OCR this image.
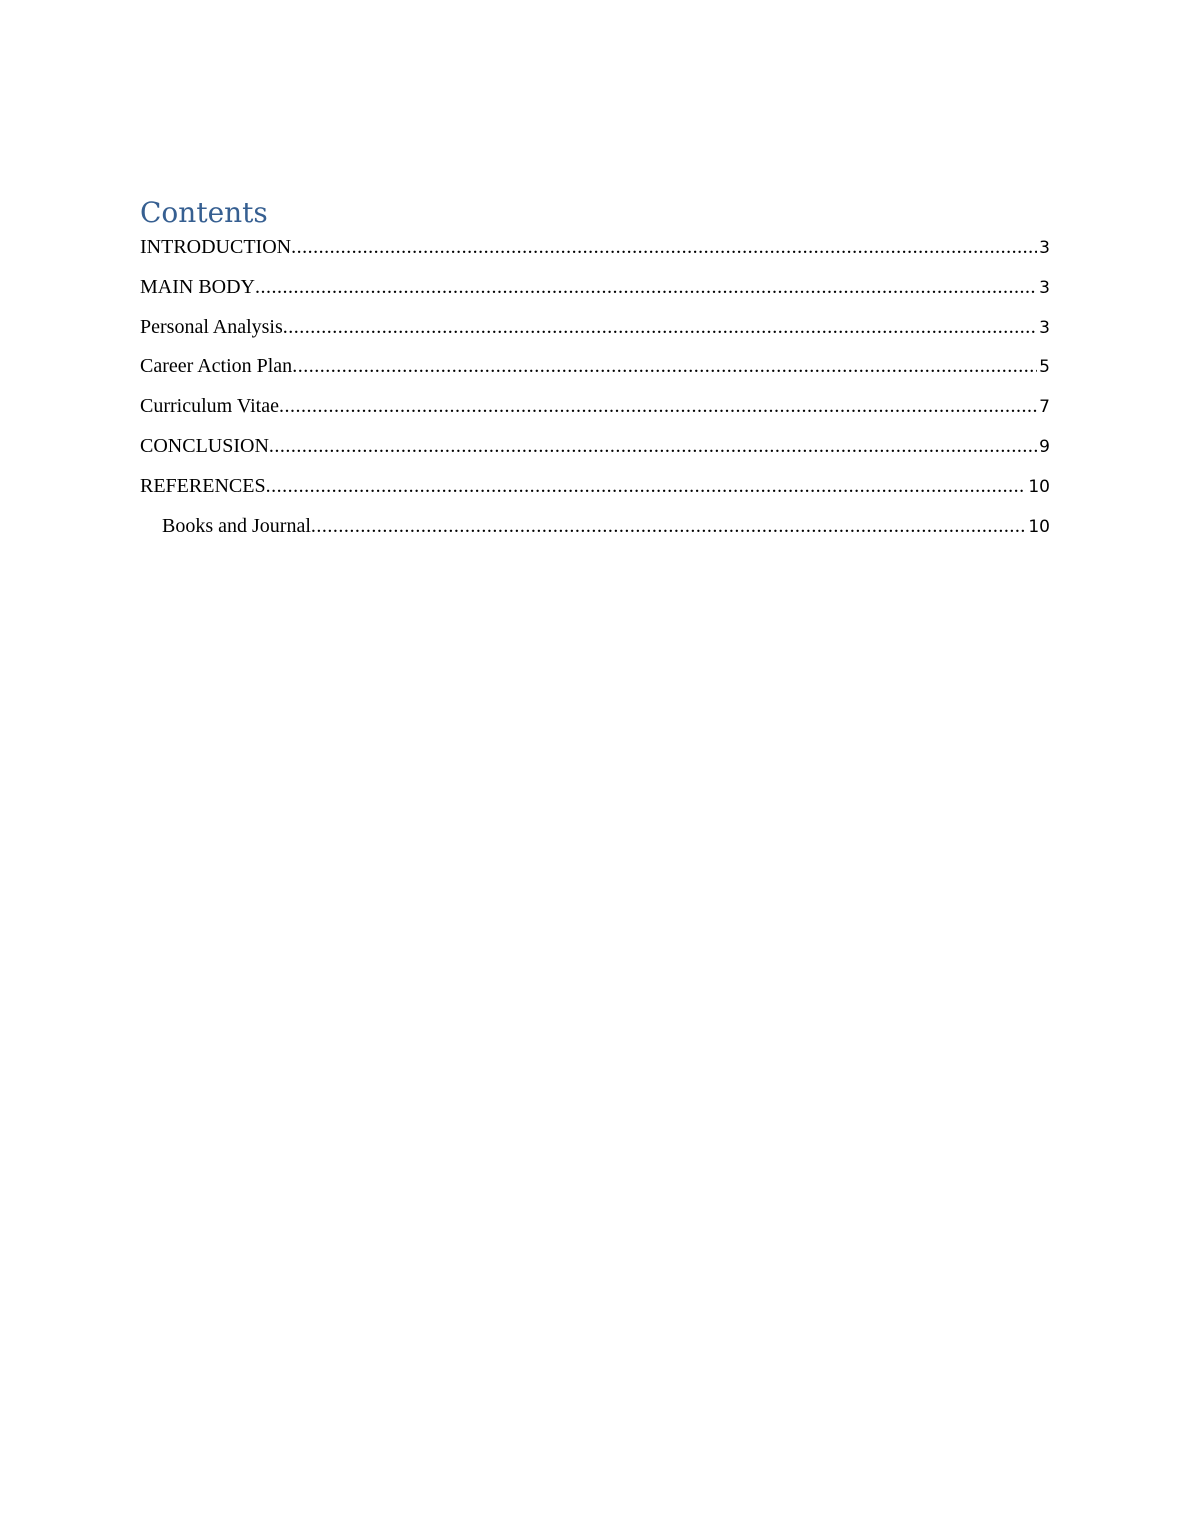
Contents
INTRODUCTION .....	3
MAIN BODY .....	3
Personal Analysis .....	3
Career Action Plan .....	5
Curriculum Vitae .....	7
CONCLUSION .....	9
REFERENCES .....	10
Books and Journal .....	10
